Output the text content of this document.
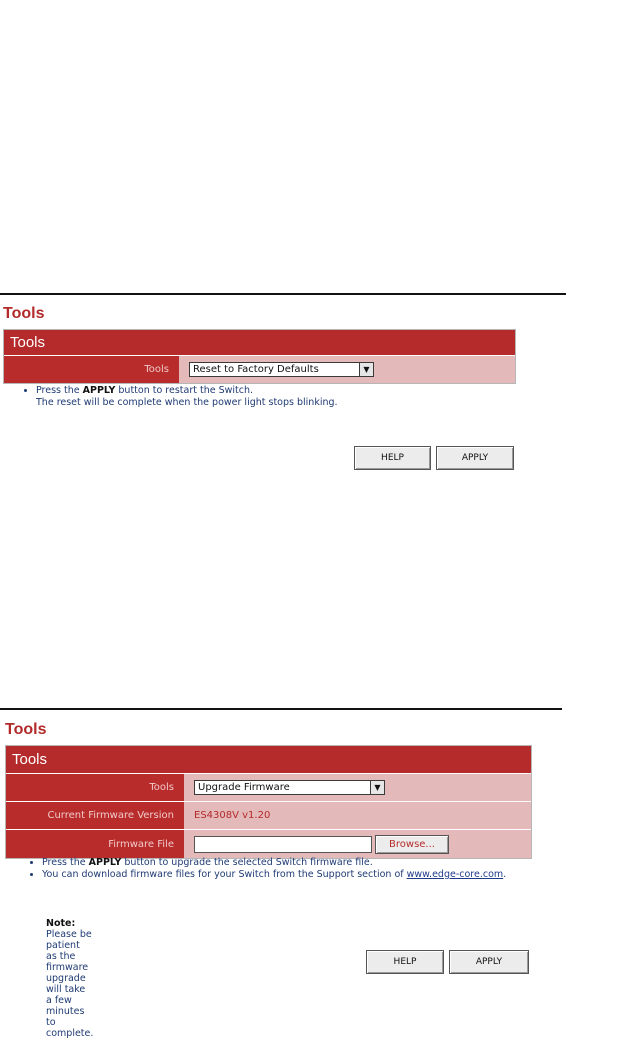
Tools
Tools
Tools	Reset to Factory Defaults	▼
• Press the APPLY button to restart the Switch.
The reset will be complete when the power light stops blinking.
HELP	APPLY
Tools
Tools
Tools	Upgrade Firmware	▼
Current Firmware Version	ES4308V v1.20
Firmware File	Browse...
• Press the APPLY button to upgrade the selected Switch firmware file.
• You can download firmware files for your Switch from the Support section of www.edge-core.com.
Note: Please be patient as the firmware upgrade will take a few minutes to complete.
HELP	APPLY
